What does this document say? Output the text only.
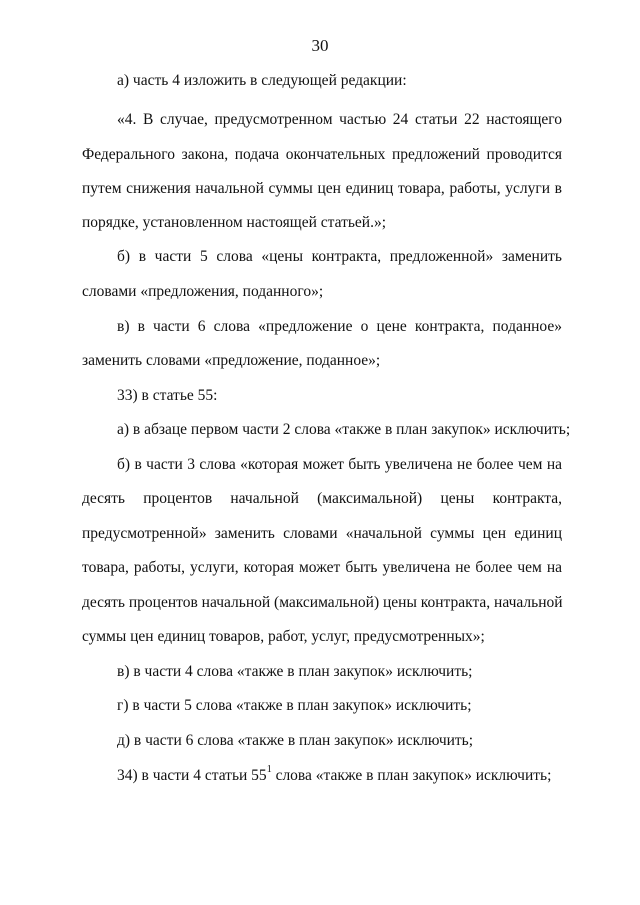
30
а) часть 4 изложить в следующей редакции:
«4. В случае, предусмотренном частью 24 статьи 22 настоящего
Федерального закона, подача окончательных предложений проводится
путем снижения начальной суммы цен единиц товара, работы, услуги в
порядке, установленном настоящей статьей.»;
б) в части 5 слова «цены контракта, предложенной» заменить
словами «предложения, поданного»;
в) в части 6 слова «предложение о цене контракта, поданное»
заменить словами «предложение, поданное»;
33) в статье 55:
а) в абзаце первом части 2 слова «также в план закупок» исключить;
б) в части 3 слова «которая может быть увеличена не более чем на
десять процентов начальной (максимальной) цены контракта,
предусмотренной» заменить словами «начальной суммы цен единиц
товара, работы, услуги, которая может быть увеличена не более чем на
десять процентов начальной (максимальной) цены контракта, начальной
суммы цен единиц товаров, работ, услуг, предусмотренных»;
в) в части 4 слова «также в план закупок» исключить;
г) в части 5 слова «также в план закупок» исключить;
д) в части 6 слова «также в план закупок» исключить;
34) в части 4 статьи $55^1$ слова «также в план закупок» исключить;
